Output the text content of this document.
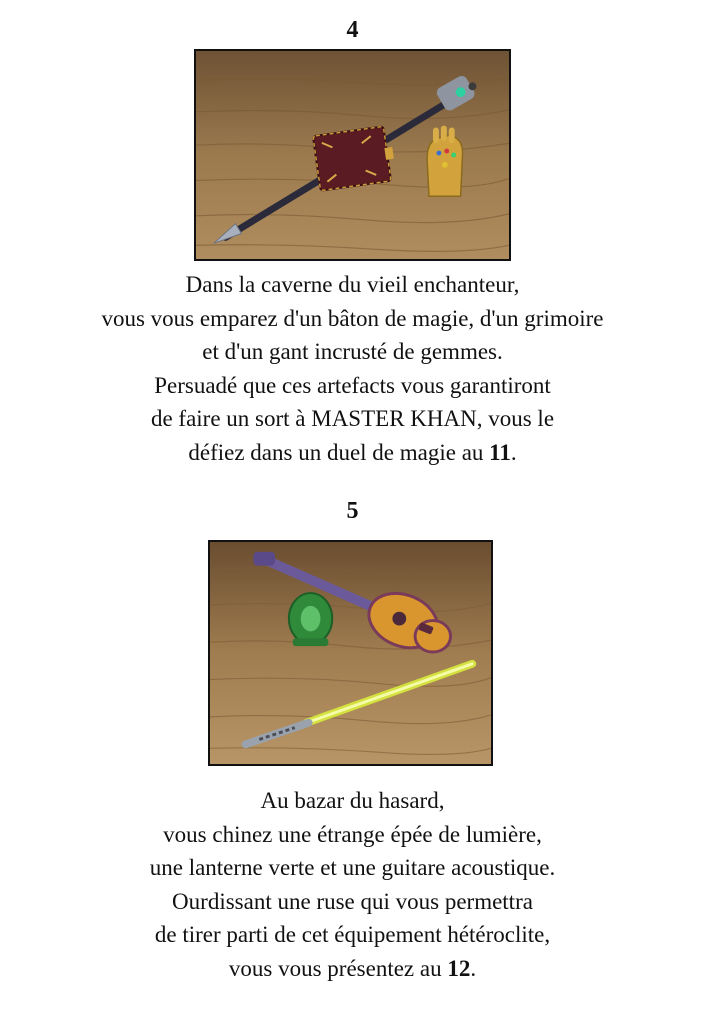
4
Dans la caverne du vieil enchanteur,
vous vous emparez d'un bâton de magie, d'un grimoire
et d'un gant incrusté de gemmes.
Persuadé que ces artefacts vous garantiront
de faire un sort à MASTER KHAN, vous le
défiez dans un duel de magie au 11.
5
Au bazar du hasard,
vous chinez une étrange épée de lumière,
une lanterne verte et une guitare acoustique.
Ourdissant une ruse qui vous permettra
de tirer parti de cet équipement hétéroclite,
vous vous présentez au 12.
